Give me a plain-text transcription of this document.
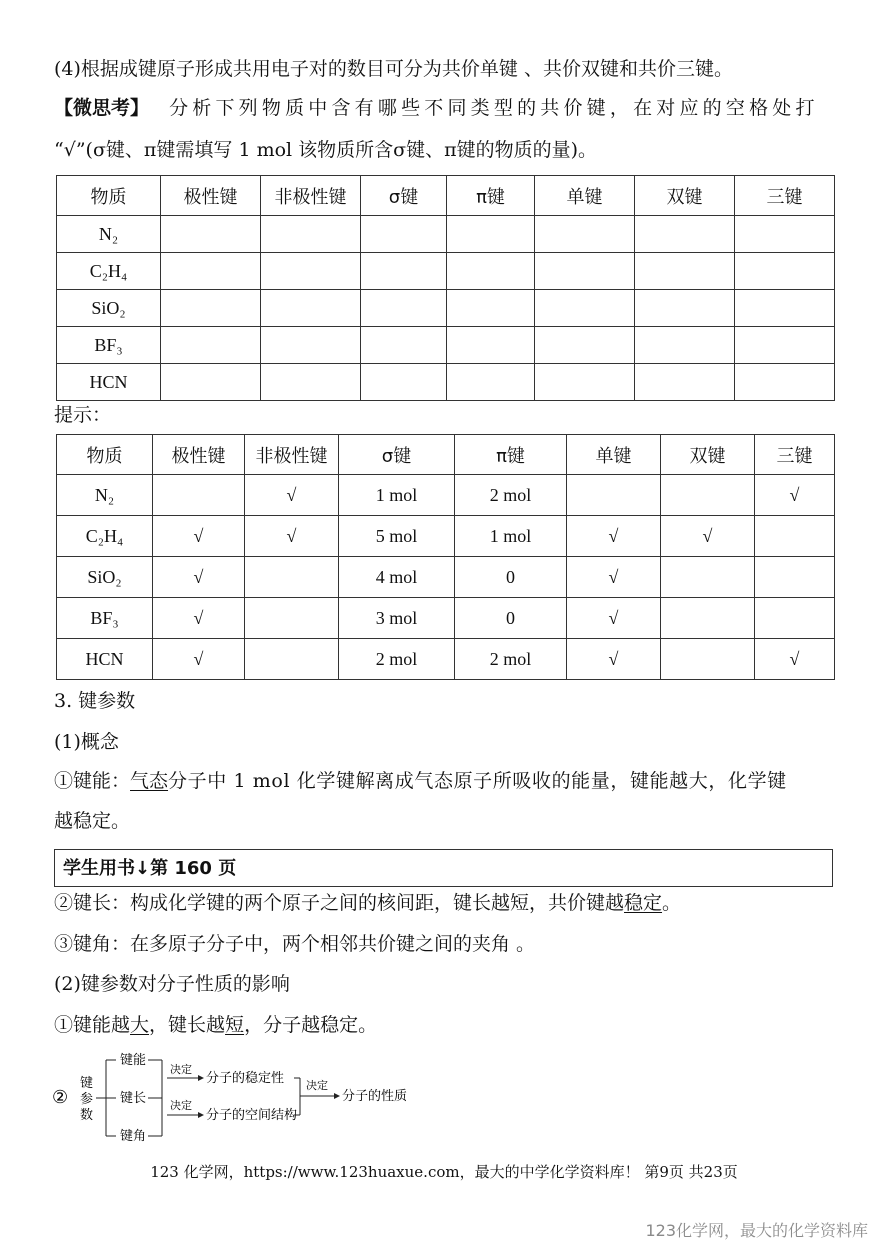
(4)根据成键原子形成共用电子对的数目可分为共价单键 、共价双键和共价三键。
【微思考】 分析下列物质中含有哪些不同类型的共价键，在对应的空格处打
“√”(σ键、π键需填写 1 mol 该物质所含σ键、π键的物质的量)。
物质	极性键	非极性键	σ键	π键	单键	双键	三键
N₂							
C₂H₄							
SiO₂							
BF₃							
HCN							
提示：
物质	极性键	非极性键	σ键	π键	单键	双键	三键
N₂		√	1 mol	2 mol			√
C₂H₄	√	√	5 mol	1 mol	√	√	
SiO₂	√		4 mol	0	√		
BF₃	√		3 mol	0	√		
HCN	√		2 mol	2 mol	√		√
3. 键参数
(1)概念
①键能：气态分子中 1 mol 化学键解离成气态原子所吸收的能量，键能越大，化学键
越稳定。
学生用书↓第 160 页
②键长：构成化学键的两个原子之间的核间距，键长越短，共价键越稳定。
③键角：在多原子分子中，两个相邻共价键之间的夹角 。
(2)键参数对分子性质的影响
①键能越大，键长越短，分子越稳定。
②
键
参
数
键能
键长
键角
决定
分子的稳定性
决定
分子的空间结构
决定
分子的性质
123 化学网，https://www.123huaxue.com，最大的中学化学资料库！ 第9页 共23页
123化学网，最大的化学资料库
